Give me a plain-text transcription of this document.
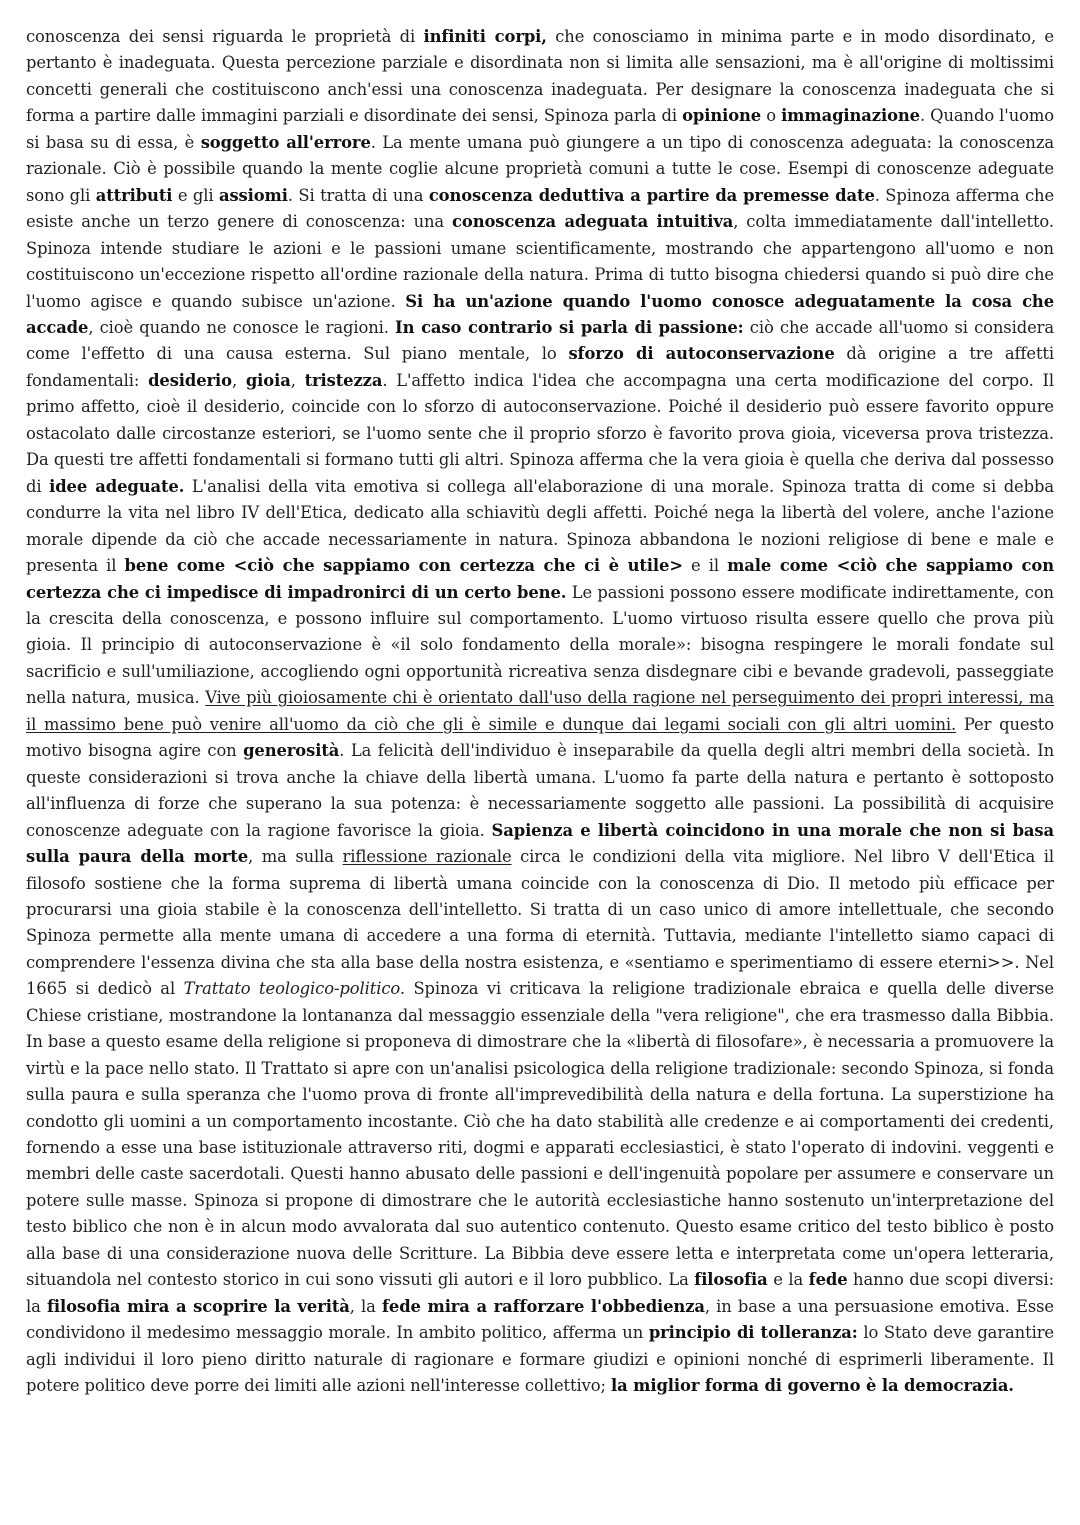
conoscenza dei sensi riguarda le proprietà di infiniti corpi, che conosciamo in minima parte e in modo disordinato, e pertanto è inadeguata. Questa percezione parziale e disordinata non si limita alle sensazioni, ma è all'origine di moltissimi concetti generali che costituiscono anch'essi una conoscenza inadeguata. Per designare la conoscenza inadeguata che si forma a partire dalle immagini parziali e disordinate dei sensi, Spinoza parla di opinione o immaginazione. Quando l'uomo si basa su di essa, è soggetto all'errore. La mente umana può giungere a un tipo di conoscenza adeguata: la conoscenza razionale. Ciò è possibile quando la mente coglie alcune proprietà comuni a tutte le cose. Esempi di conoscenze adeguate sono gli attributi e gli assiomi. Si tratta di una conoscenza deduttiva a partire da premesse date. Spinoza afferma che esiste anche un terzo genere di conoscenza: una conoscenza adeguata intuitiva, colta immediatamente dall'intelletto. Spinoza intende studiare le azioni e le passioni umane scientificamente, mostrando che appartengono all'uomo e non costituiscono un'eccezione rispetto all'ordine razionale della natura. Prima di tutto bisogna chiedersi quando si può dire che l'uomo agisce e quando subisce un'azione. Si ha un'azione quando l'uomo conosce adeguatamente la cosa che accade, cioè quando ne conosce le ragioni. In caso contrario si parla di passione: ciò che accade all'uomo si considera come l'effetto di una causa esterna. Sul piano mentale, lo sforzo di autoconservazione dà origine a tre affetti fondamentali: desiderio, gioia, tristezza. L'affetto indica l'idea che accompagna una certa modificazione del corpo. Il primo affetto, cioè il desiderio, coincide con lo sforzo di autoconservazione. Poiché il desiderio può essere favorito oppure ostacolato dalle circostanze esteriori, se l'uomo sente che il proprio sforzo è favorito prova gioia, viceversa prova tristezza. Da questi tre affetti fondamentali si formano tutti gli altri. Spinoza afferma che la vera gioia è quella che deriva dal possesso di idee adeguate. L'analisi della vita emotiva si collega all'elaborazione di una morale. Spinoza tratta di come si debba condurre la vita nel libro IV dell'Etica, dedicato alla schiavitù degli affetti. Poiché nega la libertà del volere, anche l'azione morale dipende da ciò che accade necessariamente in natura. Spinoza abbandona le nozioni religiose di bene e male e presenta il bene come <ciò che sappiamo con certezza che ci è utile> e il male come <ciò che sappiamo con certezza che ci impedisce di impadronirci di un certo bene. Le passioni possono essere modificate indirettamente, con la crescita della conoscenza, e possono influire sul comportamento. L'uomo virtuoso risulta essere quello che prova più gioia. Il principio di autoconservazione è «il solo fondamento della morale»: bisogna respingere le morali fondate sul sacrificio e sull'umiliazione, accogliendo ogni opportunità ricreativa senza disdegnare cibi e bevande gradevoli, passeggiate nella natura, musica. Vive più gioiosamente chi è orientato dall'uso della ragione nel perseguimento dei propri interessi, ma il massimo bene può venire all'uomo da ciò che gli è simile e dunque dai legami sociali con gli altri uomini. Per questo motivo bisogna agire con generosità. La felicità dell'individuo è inseparabile da quella degli altri membri della società. In queste considerazioni si trova anche la chiave della libertà umana. L'uomo fa parte della natura e pertanto è sottoposto all'influenza di forze che superano la sua potenza: è necessariamente soggetto alle passioni. La possibilità di acquisire conoscenze adeguate con la ragione favorisce la gioia. Sapienza e libertà coincidono in una morale che non si basa sulla paura della morte, ma sulla riflessione razionale circa le condizioni della vita migliore. Nel libro V dell'Etica il filosofo sostiene che la forma suprema di libertà umana coincide con la conoscenza di Dio. Il metodo più efficace per procurarsi una gioia stabile è la conoscenza dell'intelletto. Si tratta di un caso unico di amore intellettuale, che secondo Spinoza permette alla mente umana di accedere a una forma di eternità. Tuttavia, mediante l'intelletto siamo capaci di comprendere l'essenza divina che sta alla base della nostra esistenza, e «sentiamo e sperimentiamo di essere eterni>>. Nel 1665 si dedicò al Trattato teologico-politico. Spinoza vi criticava la religione tradizionale ebraica e quella delle diverse Chiese cristiane, mostrandone la lontananza dal messaggio essenziale della "vera religione", che era trasmesso dalla Bibbia. In base a questo esame della religione si proponeva di dimostrare che la «libertà di filosofare», è necessaria a promuovere la virtù e la pace nello stato. Il Trattato si apre con un'analisi psicologica della religione tradizionale: secondo Spinoza, si fonda sulla paura e sulla speranza che l'uomo prova di fronte all'imprevedibilità della natura e della fortuna. La superstizione ha condotto gli uomini a un comportamento incostante. Ciò che ha dato stabilità alle credenze e ai comportamenti dei credenti, fornendo a esse una base istituzionale attraverso riti, dogmi e apparati ecclesiastici, è stato l'operato di indovini. veggenti e membri delle caste sacerdotali. Questi hanno abusato delle passioni e dell'ingenuità popolare per assumere e conservare un potere sulle masse. Spinoza si propone di dimostrare che le autorità ecclesiastiche hanno sostenuto un'interpretazione del testo biblico che non è in alcun modo avvalorata dal suo autentico contenuto. Questo esame critico del testo biblico è posto alla base di una considerazione nuova delle Scritture. La Bibbia deve essere letta e interpretata come un'opera letteraria, situandola nel contesto storico in cui sono vissuti gli autori e il loro pubblico. La filosofia e la fede hanno due scopi diversi: la filosofia mira a scoprire la verità, la fede mira a rafforzare l'obbedienza, in base a una persuasione emotiva. Esse condividono il medesimo messaggio morale. In ambito politico, afferma un principio di tolleranza: lo Stato deve garantire agli individui il loro pieno diritto naturale di ragionare e formare giudizi e opinioni nonché di esprimerli liberamente. Il potere politico deve porre dei limiti alle azioni nell'interesse collettivo; la miglior forma di governo è la democrazia.
